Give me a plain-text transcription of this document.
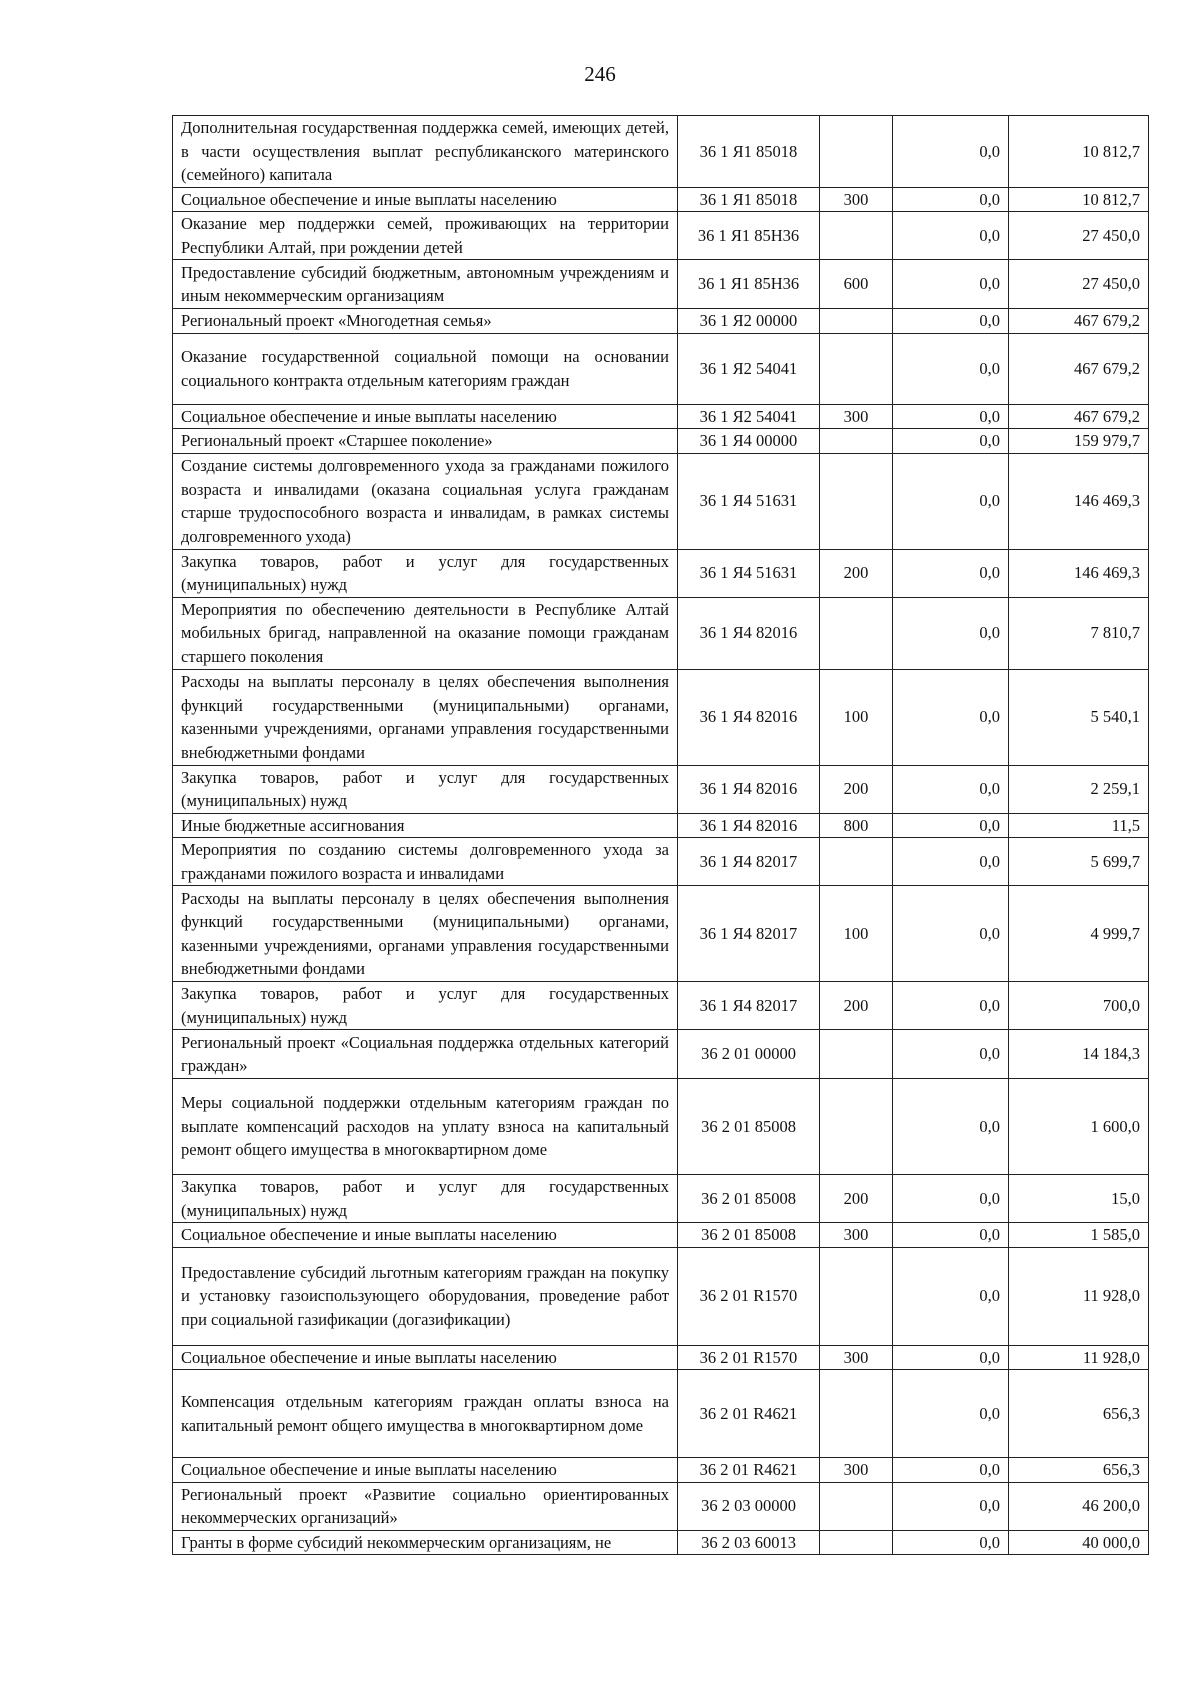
246
Дополнительная государственная поддержка семей, имеющих детей, в части осуществления выплат республиканского материнского (семейного) капитала	36 1 Я1 85018		0,0	10 812,7
Социальное обеспечение и иные выплаты населению	36 1 Я1 85018	300	0,0	10 812,7
Оказание мер поддержки семей, проживающих на территории Республики Алтай, при рождении детей	36 1 Я1 85Н36		0,0	27 450,0
Предоставление субсидий бюджетным, автономным учреждениям и иным некоммерческим организациям	36 1 Я1 85Н36	600	0,0	27 450,0
Региональный проект «Многодетная семья»	36 1 Я2 00000		0,0	467 679,2
Оказание государственной социальной помощи на основании социального контракта отдельным категориям граждан	36 1 Я2 54041		0,0	467 679,2
Социальное обеспечение и иные выплаты населению	36 1 Я2 54041	300	0,0	467 679,2
Региональный проект «Старшее поколение»	36 1 Я4 00000		0,0	159 979,7
Создание системы долговременного ухода за гражданами пожилого возраста и инвалидами (оказана социальная услуга гражданам старше трудоспособного возраста и инвалидам, в рамках системы долговременного ухода)	36 1 Я4 51631		0,0	146 469,3
Закупка товаров, работ и услуг для государственных (муниципальных) нужд	36 1 Я4 51631	200	0,0	146 469,3
Мероприятия по обеспечению деятельности в Республике Алтай мобильных бригад, направленной на оказание помощи гражданам старшего поколения	36 1 Я4 82016		0,0	7 810,7
Расходы на выплаты персоналу в целях обеспечения выполнения функций государственными (муниципальными) органами, казенными учреждениями, органами управления государственными внебюджетными фондами	36 1 Я4 82016	100	0,0	5 540,1
Закупка товаров, работ и услуг для государственных (муниципальных) нужд	36 1 Я4 82016	200	0,0	2 259,1
Иные бюджетные ассигнования	36 1 Я4 82016	800	0,0	11,5
Мероприятия по созданию системы долговременного ухода за гражданами пожилого возраста и инвалидами	36 1 Я4 82017		0,0	5 699,7
Расходы на выплаты персоналу в целях обеспечения выполнения функций государственными (муниципальными) органами, казенными учреждениями, органами управления государственными внебюджетными фондами	36 1 Я4 82017	100	0,0	4 999,7
Закупка товаров, работ и услуг для государственных (муниципальных) нужд	36 1 Я4 82017	200	0,0	700,0
Региональный проект «Социальная поддержка отдельных категорий граждан»	36 2 01 00000		0,0	14 184,3
Меры социальной поддержки отдельным категориям граждан по выплате компенсаций расходов на уплату взноса на капитальный ремонт общего имущества в многоквартирном доме	36 2 01 85008		0,0	1 600,0
Закупка товаров, работ и услуг для государственных (муниципальных) нужд	36 2 01 85008	200	0,0	15,0
Социальное обеспечение и иные выплаты населению	36 2 01 85008	300	0,0	1 585,0
Предоставление субсидий льготным категориям граждан на покупку и установку газоиспользующего оборудования, проведение работ при социальной газификации (догазификации)	36 2 01 R1570		0,0	11 928,0
Социальное обеспечение и иные выплаты населению	36 2 01 R1570	300	0,0	11 928,0
Компенсация отдельным категориям граждан оплаты взноса на капитальный ремонт общего имущества в многоквартирном доме	36 2 01 R4621		0,0	656,3
Социальное обеспечение и иные выплаты населению	36 2 01 R4621	300	0,0	656,3
Региональный проект «Развитие социально ориентированных некоммерческих организаций»	36 2 03 00000		0,0	46 200,0
Гранты в форме субсидий некоммерческим организациям, не	36 2 03 60013		0,0	40 000,0
